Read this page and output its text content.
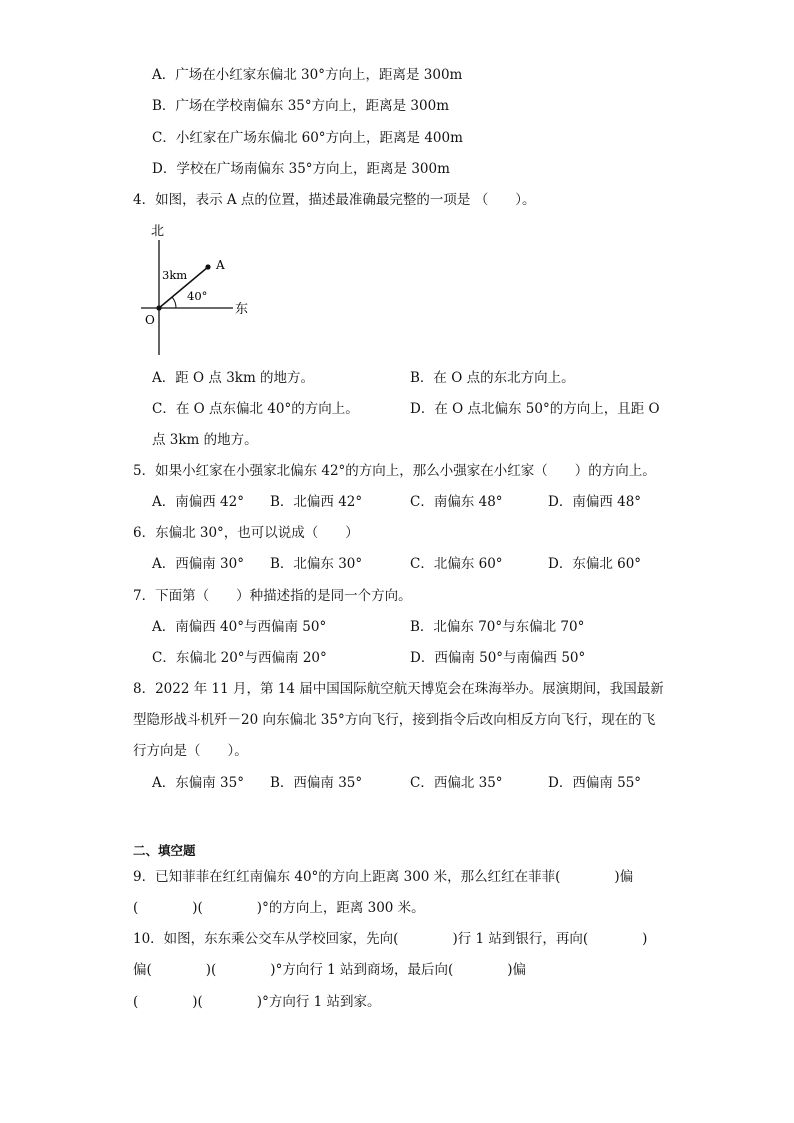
A．广场在小红家东偏北 30°方向上，距离是 300m
B．广场在学校南偏东 35°方向上，距离是 300m
C．小红家在广场东偏北 60°方向上，距离是 400m
D．学校在广场南偏东 35°方向上，距离是 300m
4．如图，表示 A 点的位置，描述最准确最完整的一项是 （　　）。
北
东
O
A
3km
40°
A．距 O 点 3km 的地方。	B．在 O 点的东北方向上。
C．在 O 点东偏北 40°的方向上。	D．在 O 点北偏东 50°的方向上，且距 O
点 3km 的地方。
5．如果小红家在小强家北偏东 42°的方向上，那么小强家在小红家（　　）的方向上。
A．南偏西 42° B．北偏西 42°	C．南偏东 48°	D．南偏西 48°
6．东偏北 30°，也可以说成（　　）
A．西偏南 30° B．北偏东 30°	C．北偏东 60°	D．东偏北 60°
7．下面第（　　）种描述指的是同一个方向。
A．南偏西 40°与西偏南 50°	B．北偏东 70°与东偏北 70°
C．东偏北 20°与西偏南 20°	D．西偏南 50°与南偏西 50°
8．2022 年 11 月，第 14 届中国国际航空航天博览会在珠海举办。展演期间，我国最新
型隐形战斗机歼－20 向东偏北 35°方向飞行，接到指令后改向相反方向飞行，现在的飞
行方向是（　　）。
A．东偏南 35° B．西偏南 35°	C．西偏北 35°	D．西偏南 55°
二、填空题
9．已知菲菲在红红南偏东 40°的方向上距离 300 米，那么红红在菲菲(　　　　)偏
(　　　　)(　　　　)°的方向上，距离 300 米。
10．如图，东东乘公交车从学校回家，先向(　　　　)行 1 站到银行，再向(　　　　)
偏(　　　　)(　　　　)°方向行 1 站到商场，最后向(　　　　)偏
(　　　　)(　　　　)°方向行 1 站到家。
